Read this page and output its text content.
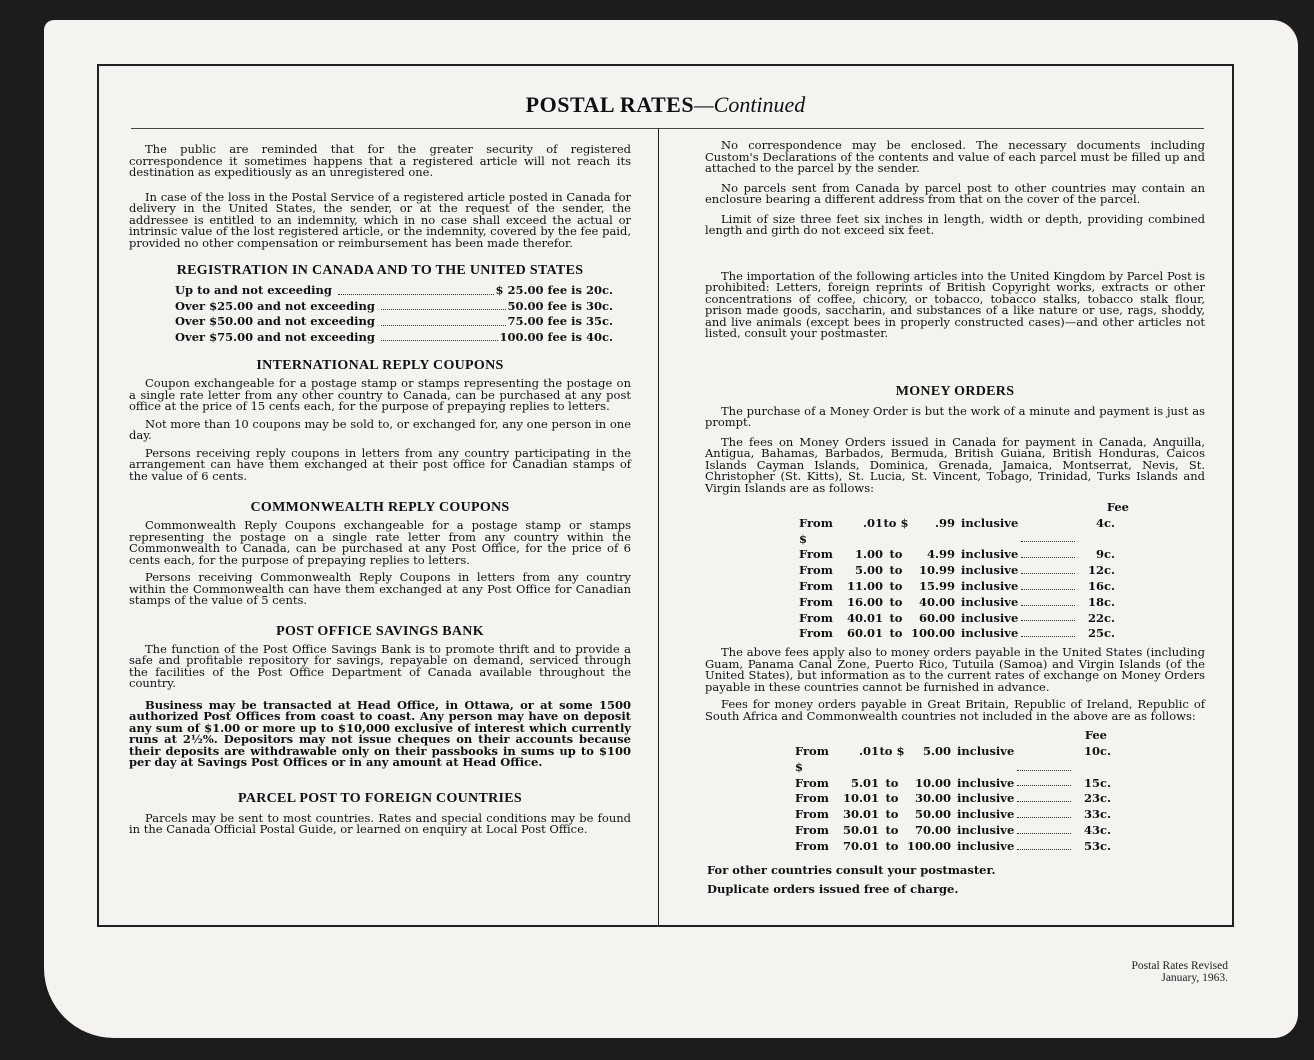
POSTAL RATES—Continued

The public are reminded that for the greater security of registered correspondence it sometimes happens that a registered article will not reach its destination as expeditiously as an unregistered one.

In case of the loss in the Postal Service of a registered article posted in Canada for delivery in the United States, the sender, or at the request of the sender, the addressee is entitled to an indemnity, which in no case shall exceed the actual or intrinsic value of the lost registered article, or the indemnity, covered by the fee paid, provided no other compensation or reimbursement has been made therefor.

REGISTRATION IN CANADA AND TO THE UNITED STATES
Up to and not exceeding	$ 25.00 fee is 20c.
Over $25.00 and not exceeding	50.00 fee is 30c.
Over $50.00 and not exceeding	75.00 fee is 35c.
Over $75.00 and not exceeding	100.00 fee is 40c.
INTERNATIONAL REPLY COUPONS

Coupon exchangeable for a postage stamp or stamps representing the postage on a single rate letter from any other country to Canada, can be purchased at any post office at the price of 15 cents each, for the purpose of prepaying replies to letters.

Not more than 10 coupons may be sold to, or exchanged for, any one person in one day.

Persons receiving reply coupons in letters from any country participating in the arrangement can have them exchanged at their post office for Canadian stamps of the value of 6 cents.

COMMONWEALTH REPLY COUPONS

Commonwealth Reply Coupons exchangeable for a postage stamp or stamps representing the postage on a single rate letter from any country within the Commonwealth to Canada, can be purchased at any Post Office, for the price of 6 cents each, for the purpose of prepaying replies to letters.

Persons receiving Commonwealth Reply Coupons in letters from any country within the Commonwealth can have them exchanged at any Post Office for Canadian stamps of the value of 5 cents.

POST OFFICE SAVINGS BANK

The function of the Post Office Savings Bank is to promote thrift and to provide a safe and profitable repository for savings, repayable on demand, serviced through the facilities of the Post Office Department of Canada available throughout the country.

Business may be transacted at Head Office, in Ottawa, or at some 1500 authorized Post Offices from coast to coast. Any person may have on deposit any sum of $1.00 or more up to $10,000 exclusive of interest which currently runs at 2½%. Depositors may not issue cheques on their accounts because their deposits are withdrawable only on their passbooks in sums up to $100 per day at Savings Post Offices or in any amount at Head Office.

PARCEL POST TO FOREIGN COUNTRIES

Parcels may be sent to most countries. Rates and special conditions may be found in the Canada Official Postal Guide, or learned on enquiry at Local Post Office.

No correspondence may be enclosed. The necessary documents including Custom's Declarations of the contents and value of each parcel must be filled up and attached to the parcel by the sender.

No parcels sent from Canada by parcel post to other countries may contain an enclosure bearing a different address from that on the cover of the parcel.

Limit of size three feet six inches in length, width or depth, providing combined length and girth do not exceed six feet.

The importation of the following articles into the United Kingdom by Parcel Post is prohibited: Letters, foreign reprints of British Copyright works, extracts or other concentrations of coffee, chicory, or tobacco, tobacco stalks, tobacco stalk flour, prison made goods, saccharin, and substances of a like nature or use, rags, shoddy, and live animals (except bees in properly constructed cases)—and other articles not listed, consult your postmaster.

MONEY ORDERS

The purchase of a Money Order is but the work of a minute and payment is just as prompt.

The fees on Money Orders issued in Canada for payment in Canada, Anquilla, Antigua, Bahamas, Barbados, Bermuda, British Guiana, British Honduras, Caicos Islands Cayman Islands, Dominica, Grenada, Jamaica, Montserrat, Nevis, St. Christopher (St. Kitts), St. Lucia, St. Vincent, Tobago, Trinidad, Turks Islands and Virgin Islands are as follows:

Fee
From $
.01 to $	.99 inclusive	4c.
From	1.00 to	4.99 inclusive	9c.
From	5.00 to	10.99 inclusive	12c.
From	11.00 to	15.99 inclusive	16c.
From	16.00 to	40.00 inclusive	18c.
From	40.01 to	60.00 inclusive	22c.
From	60.01 to 100.00 inclusive	25c.

The above fees apply also to money orders payable in the United States (including Guam, Panama Canal Zone, Puerto Rico, Tutuila (Samoa) and Virgin Islands (of the United States), but information as to the current rates of exchange on Money Orders payable in these countries cannot be furnished in advance.

Fees for money orders payable in Great Britain, Republic of Ireland, Republic of South Africa and Commonwealth countries not included in the above are as follows:

Fee
From $
.01 to $	5.00 inclusive	10c.
From	5.01 to	10.00 inclusive	15c.
From	10.01 to	30.00 inclusive	23c.
From	30.01 to	50.00 inclusive	33c.
From	50.01 to	70.00 inclusive	43c.
From	70.01 to 100.00 inclusive	53c.
For other countries consult your postmaster.
Duplicate orders issued free of charge.
Postal Rates Revised
January, 1963.
